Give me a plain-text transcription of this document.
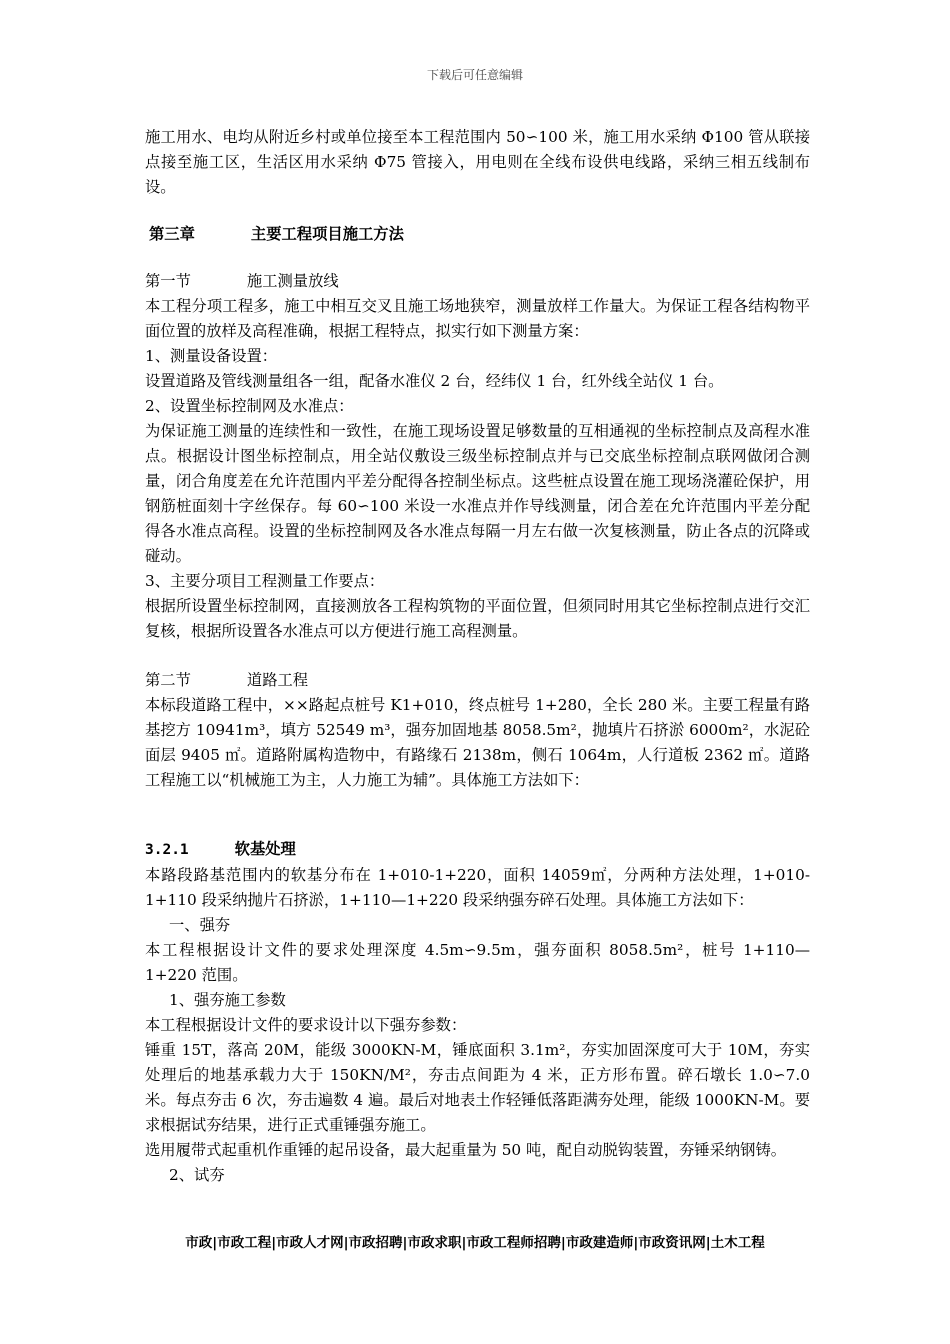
下载后可任意编辑

施工用水、电均从附近乡村或单位接至本工程范围内 50∽100 米，施工用水采纳 Φ100 管从联接点接至施工区，生活区用水采纳 Φ75 管接入，用电则在全线布设供电线路，采纳三相五线制布设。

第三章	主要工程项目施工方法

第一节	施工测量放线

本工程分项工程多，施工中相互交叉且施工场地狭窄，测量放样工作量大。为保证工程各结构物平面位置的放样及高程准确，根据工程特点，拟实行如下测量方案：

1、测量设备设置：

设置道路及管线测量组各一组，配备水准仪 2 台，经纬仪 1 台，红外线全站仪 1 台。

2、设置坐标控制网及水准点：

为保证施工测量的连续性和一致性，在施工现场设置足够数量的互相通视的坐标控制点及高程水准点。根据设计图坐标控制点，用全站仪敷设三级坐标控制点并与已交底坐标控制点联网做闭合测量，闭合角度差在允许范围内平差分配得各控制坐标点。这些桩点设置在施工现场浇灌砼保护，用钢筋桩面刻十字丝保存。每 60∽100 米设一水准点并作导线测量，闭合差在允许范围内平差分配得各水准点高程。设置的坐标控制网及各水准点每隔一月左右做一次复核测量，防止各点的沉降或碰动。

3、主要分项目工程测量工作要点：

根据所设置坐标控制网，直接测放各工程构筑物的平面位置，但须同时用其它坐标控制点进行交汇复核，根据所设置各水准点可以方便进行施工高程测量。

第二节	道路工程

本标段道路工程中，××路起点桩号 K1+010，终点桩号 1+280，全长 280 米。主要工程量有路基挖方 10941m³，填方 52549 m³，强夯加固地基 8058.5m²，抛填片石挤淤 6000m²，水泥砼面层 9405 ㎡。道路附属构造物中，有路缘石 2138m，侧石 1064m，人行道板 2362 ㎡。道路工程施工以“机械施工为主，人力施工为辅”。具体施工方法如下：

3.2.1	软基处理

本路段路基范围内的软基分布在 1+010-1+220，面积 14059㎡，分两种方法处理，1+010-1+110 段采纳抛片石挤淤，1+110—1+220 段采纳强夯碎石处理。具体施工方法如下：

一、强夯

本工程根据设计文件的要求处理深度 4.5m∽9.5m，强夯面积 8058.5m²，桩号 1+110—1+220 范围。

1、强夯施工参数

本工程根据设计文件的要求设计以下强夯参数：

锤重 15T，落高 20M，能级 3000KN-M，锤底面积 3.1m²，夯实加固深度可大于 10M，夯实处理后的地基承载力大于 150KN/M²，夯击点间距为 4 米，正方形布置。碎石墩长 1.0∽7.0 米。每点夯击 6 次，夯击遍数 4 遍。最后对地表土作轻锤低落距满夯处理，能级 1000KN-M。要求根据试夯结果，进行正式重锤强夯施工。

选用履带式起重机作重锤的起吊设备，最大起重量为 50 吨，配自动脱钩装置，夯锤采纳钢铸。

2、试夯

市政|市政工程|市政人才网|市政招聘|市政求职|市政工程师招聘|市政建造师|市政资讯网|土木工程
